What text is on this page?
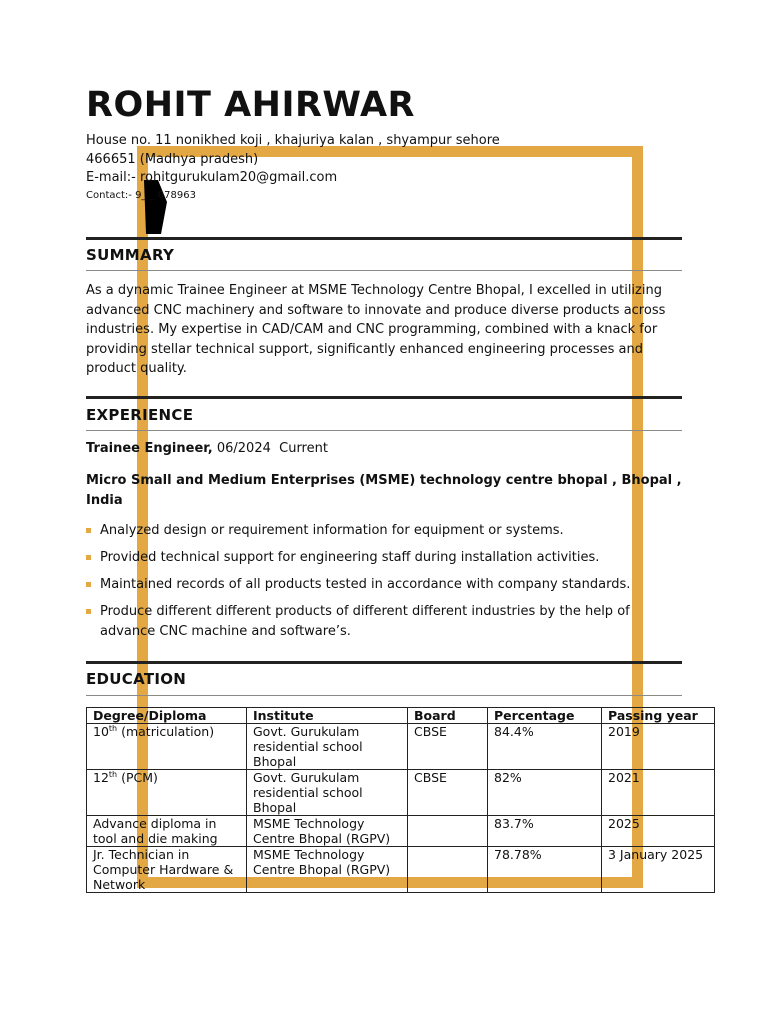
ROHIT AHIRWAR
House no. 11 nonikhed koji , khajuriya kalan , shyampur sehore
466651 (Madhya pradesh)
E-mail:- rohitgurukulam20@gmail.com
Contact:- 9_ _ 078963
SUMMARY
As a dynamic Trainee Engineer at MSME Technology Centre Bhopal, I excelled in utilizing advanced CNC machinery and software to innovate and produce diverse products across industries. My expertise in CAD/CAM and CNC programming, combined with a knack for providing stellar technical support, significantly enhanced engineering processes and product quality.
EXPERIENCE
Trainee Engineer, 06/2024  Current
Micro Small and Medium Enterprises (MSME) technology centre bhopal , Bhopal , India
Analyzed design or requirement information for equipment or systems.
Provided technical support for engineering staff during installation activities.
Maintained records of all products tested in accordance with company standards.
Produce different different products of different different industries by the help of advance CNC machine and software’s.
EDUCATION
Degree/Diploma	Institute	Board	Percentage	Passing year
10th (matriculation)	Govt. Gurukulam residential school Bhopal	CBSE	84.4%	2019
12th (PCM)	Govt. Gurukulam residential school Bhopal	CBSE	82%	2021
Advance diploma in tool and die making	MSME Technology Centre Bhopal (RGPV)		83.7%	2025
Jr. Technician in Computer Hardware & Network	MSME Technology Centre Bhopal (RGPV)		78.78%	3 January 2025
